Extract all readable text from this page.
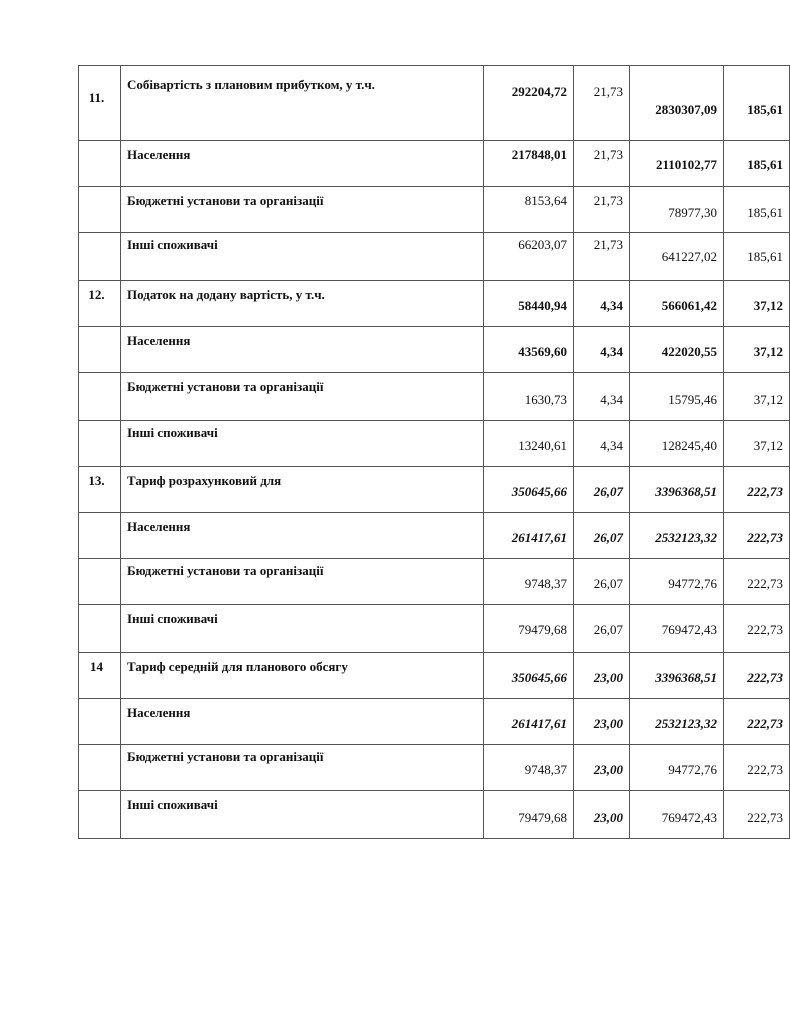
11.	Собівартість з плановим прибутком, у т.ч.	292204,72	21,73	2830307,09	185,61

	Населення	217848,01	21,73	2110102,77	185,61

	Бюджетні установи та організації	8153,64	21,73	78977,30	185,61

	Інші споживачі	66203,07	21,73	641227,02	185,61

12.	Податок на додану вартість, у т.ч.	58440,94	4,34	566061,42	37,12

	Населення	43569,60	4,34	422020,55	37,12

	Бюджетні установи та організації	1630,73	4,34	15795,46	37,12

	Інші споживачі	13240,61	4,34	128245,40	37,12

13.	Тариф розрахунковий для	350645,66	26,07	3396368,51	222,73

	Населення	261417,61	26,07	2532123,32	222,73

	Бюджетні установи та організації	9748,37	26,07	94772,76	222,73

	Інші споживачі	79479,68	26,07	769472,43	222,73

14	Тариф середній для планового обсягу	350645,66	23,00	3396368,51	222,73

	Населення	261417,61	23,00	2532123,32	222,73

	Бюджетні установи та організації	9748,37	23,00	94772,76	222,73

	Інші споживачі	79479,68	23,00	769472,43	222,73
